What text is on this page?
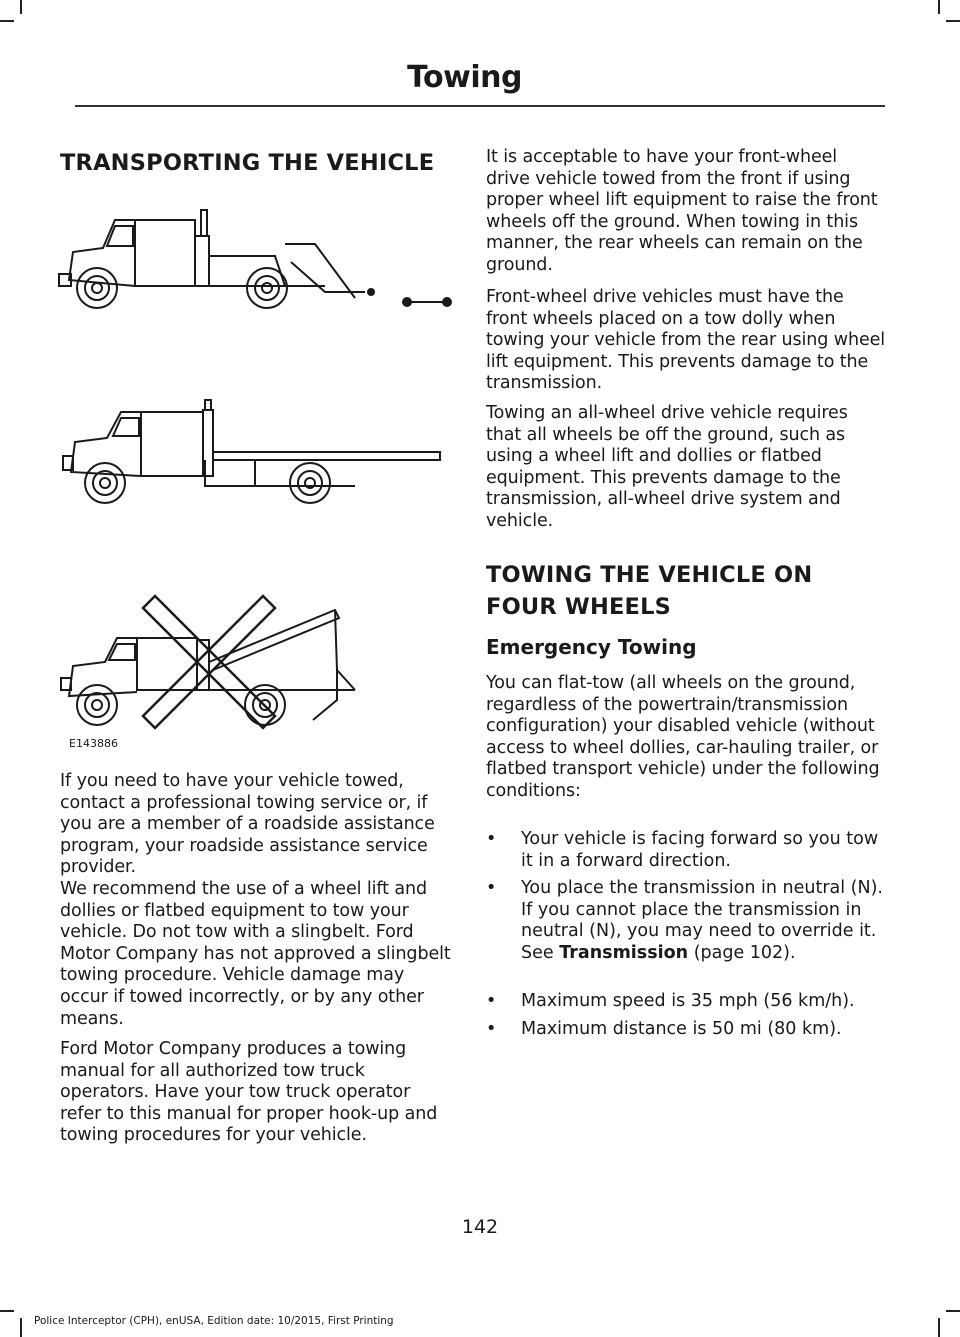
Towing
TRANSPORTING THE VEHICLE
E143886

If you need to have your vehicle towed, contact a professional towing service or, if you are a member of a roadside assistance program, your roadside assistance service provider.

We recommend the use of a wheel lift and dollies or flatbed equipment to tow your vehicle. Do not tow with a slingbelt. Ford Motor Company has not approved a slingbelt towing procedure. Vehicle damage may occur if towed incorrectly, or by any other means.

Ford Motor Company produces a towing manual for all authorized tow truck operators. Have your tow truck operator refer to this manual for proper hook-up and towing procedures for your vehicle.

It is acceptable to have your front-wheel drive vehicle towed from the front if using proper wheel lift equipment to raise the front wheels off the ground. When towing in this manner, the rear wheels can remain on the ground.

Front-wheel drive vehicles must have the front wheels placed on a tow dolly when towing your vehicle from the rear using wheel lift equipment. This prevents damage to the transmission.

Towing an all-wheel drive vehicle requires that all wheels be off the ground, such as using a wheel lift and dollies or flatbed equipment. This prevents damage to the transmission, all-wheel drive system and vehicle.

TOWING THE VEHICLE ON
FOUR WHEELS
Emergency Towing

You can flat-tow (all wheels on the ground, regardless of the powertrain/transmission configuration) your disabled vehicle (without access to wheel dollies, car-hauling trailer, or flatbed transport vehicle) under the following conditions:

• Your vehicle is facing forward so you tow it in a forward direction.
• You place the transmission in neutral (N). If you cannot place the transmission in neutral (N), you may need to override it. See Transmission (page 102).
• Maximum speed is 35 mph (56 km/h).
• Maximum distance is 50 mi (80 km).
142
Police Interceptor (CPH), enUSA, Edition date: 10/2015, First Printing
